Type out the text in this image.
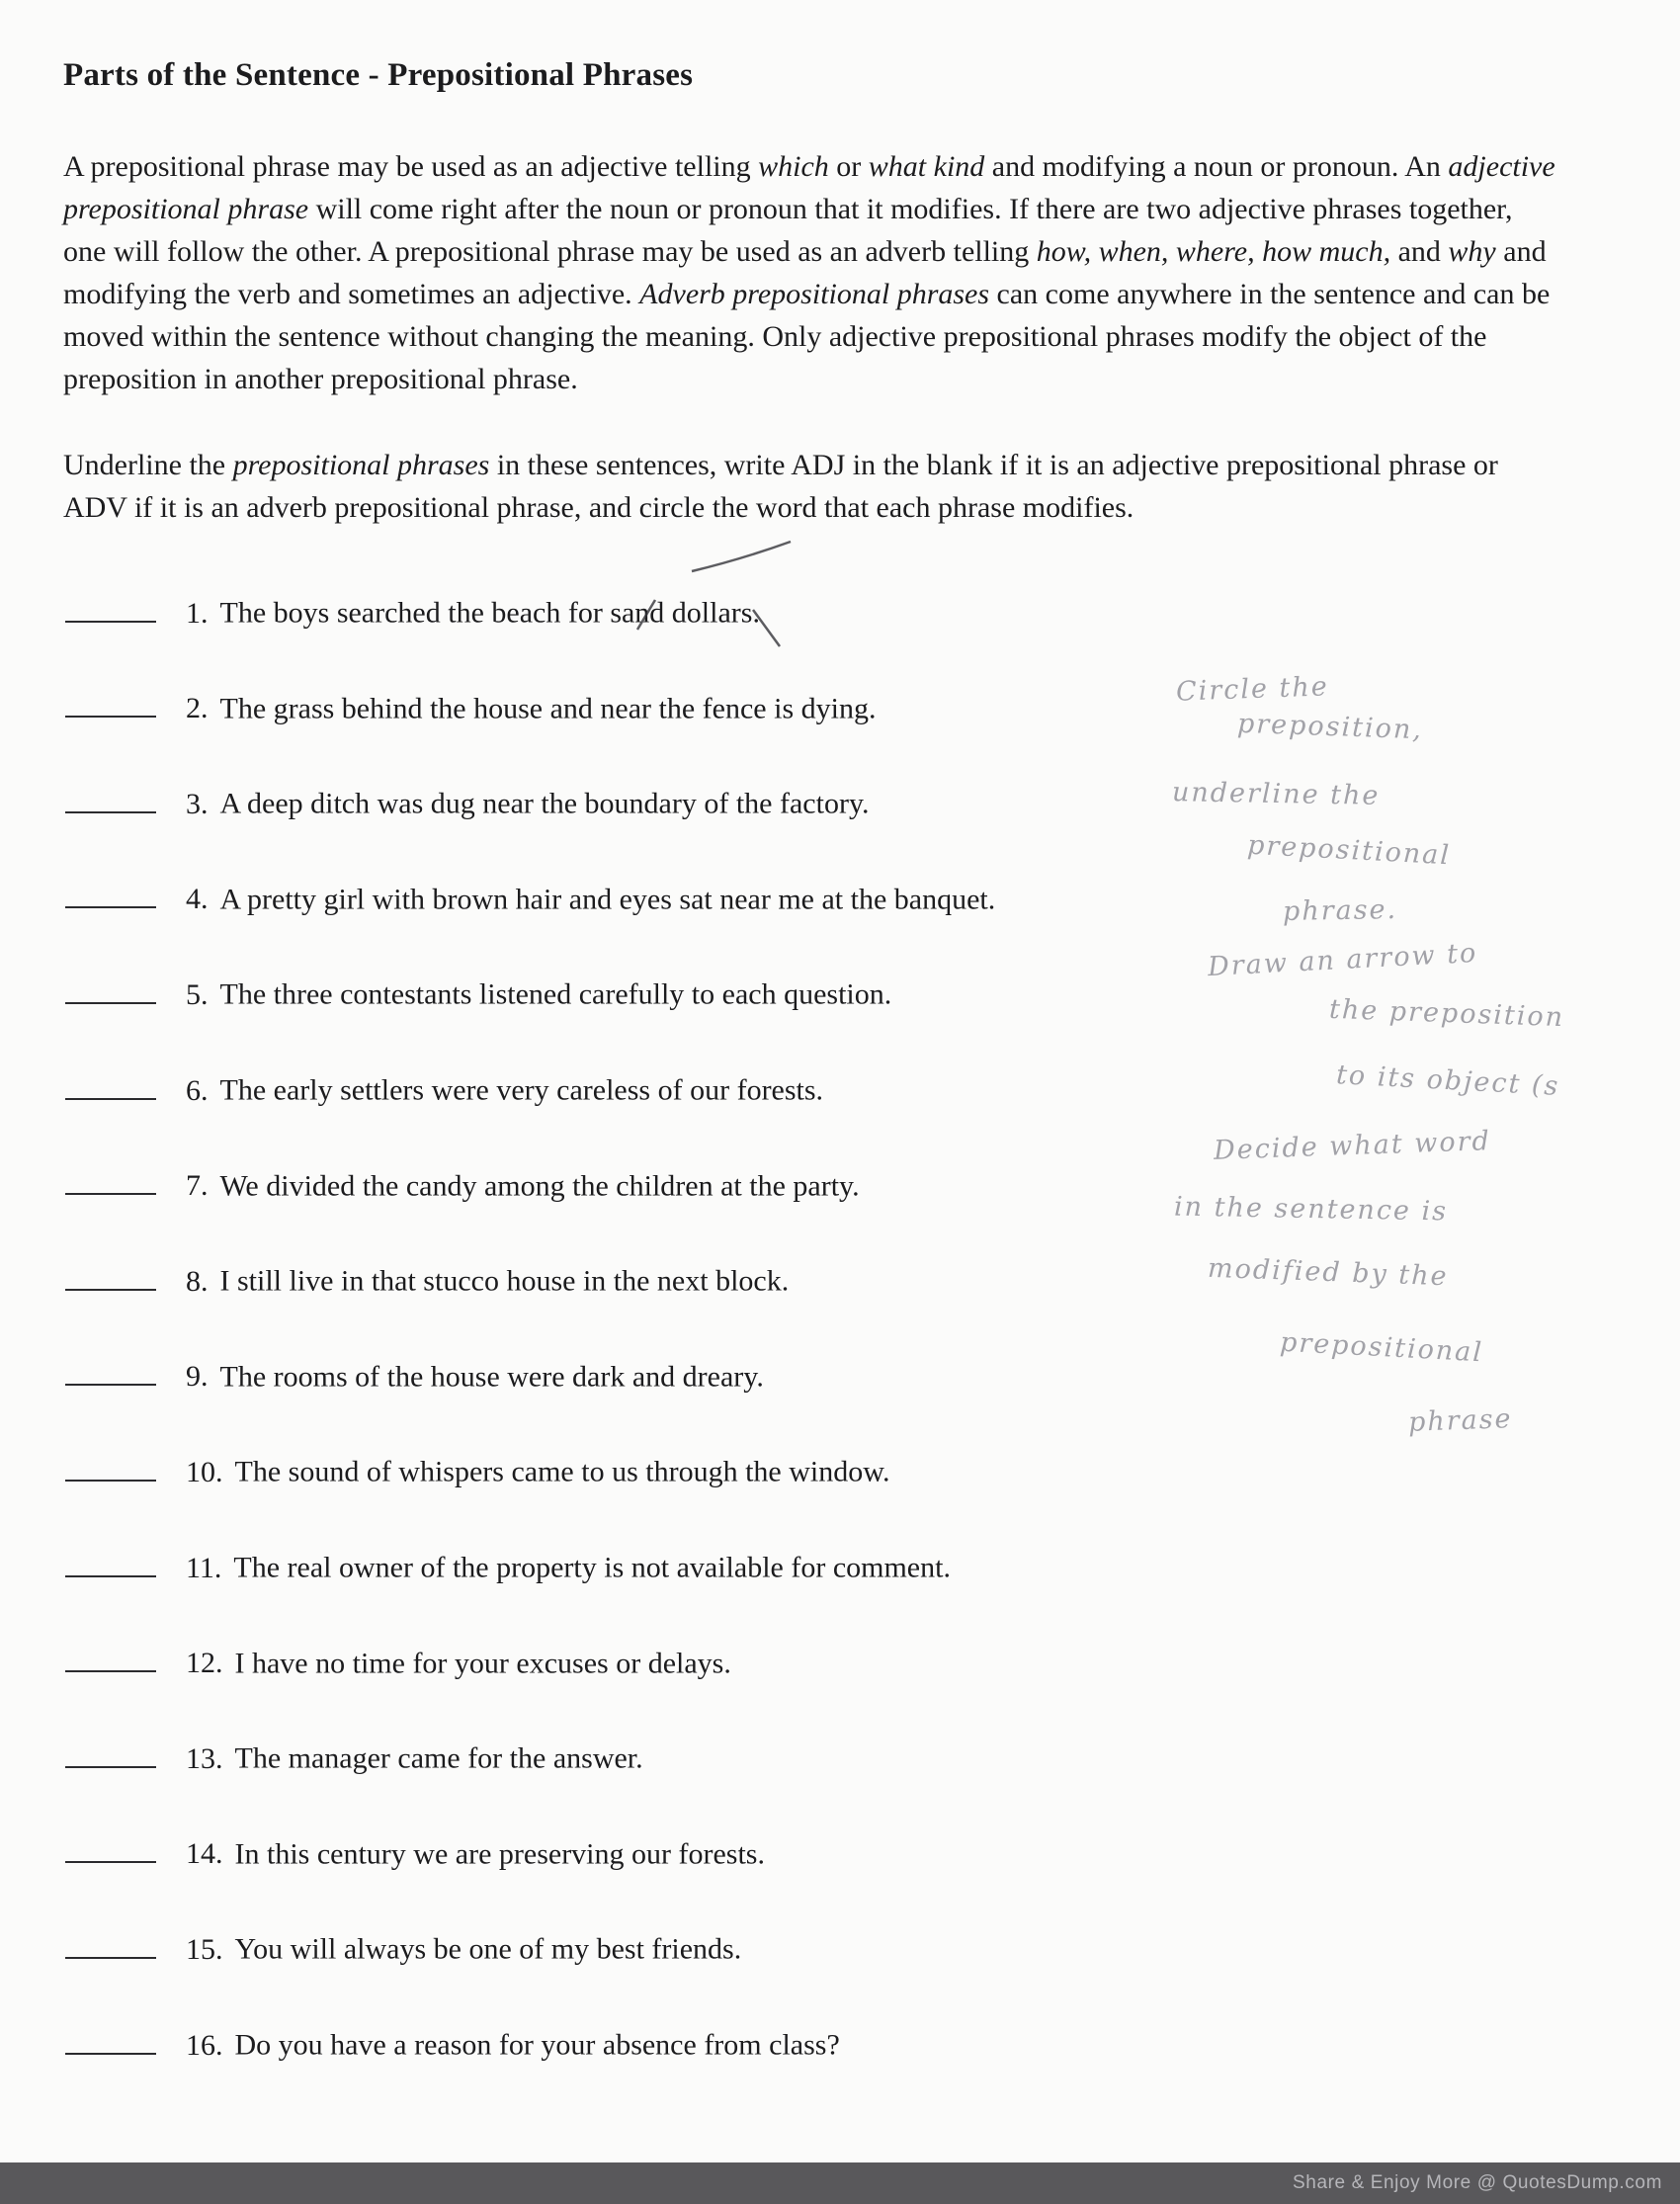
Parts of the Sentence - Prepositional Phrases

A prepositional phrase may be used as an adjective telling which or what kind and modifying a noun or pronoun. An adjective prepositional phrase will come right after the noun or pronoun that it modifies. If there are two adjective phrases together, one will follow the other. A prepositional phrase may be used as an adverb telling how, when, where, how much, and why and modifying the verb and sometimes an adjective. Adverb prepositional phrases can come anywhere in the sentence and can be moved within the sentence without changing the meaning. Only adjective prepositional phrases modify the object of the preposition in another prepositional phrase.

Underline the prepositional phrases in these sentences, write ADJ in the blank if it is an adjective prepositional phrase or ADV if it is an adverb prepositional phrase, and circle the word that each phrase modifies.

1. The boys searched the beach for sand dollars.
2. The grass behind the house and near the fence is dying.
3. A deep ditch was dug near the boundary of the factory.
4. A pretty girl with brown hair and eyes sat near me at the banquet.
5. The three contestants listened carefully to each question.
6. The early settlers were very careless of our forests.
7. We divided the candy among the children at the party.
8. I still live in that stucco house in the next block.
9. The rooms of the house were dark and dreary.
10. The sound of whispers came to us through the window.
11. The real owner of the property is not available for comment.
12. I have no time for your excuses or delays.
13. The manager came for the answer.
14. In this century we are preserving our forests.
15. You will always be one of my best friends.
16. Do you have a reason for your absence from class?
Circle the
preposition,
underline the
prepositional
phrase.
Draw an arrow to
the preposition
to its object (s
Decide what word
in the sentence is
modified by the
prepositional
phrase
Share & Enjoy More @ QuotesDump.com
